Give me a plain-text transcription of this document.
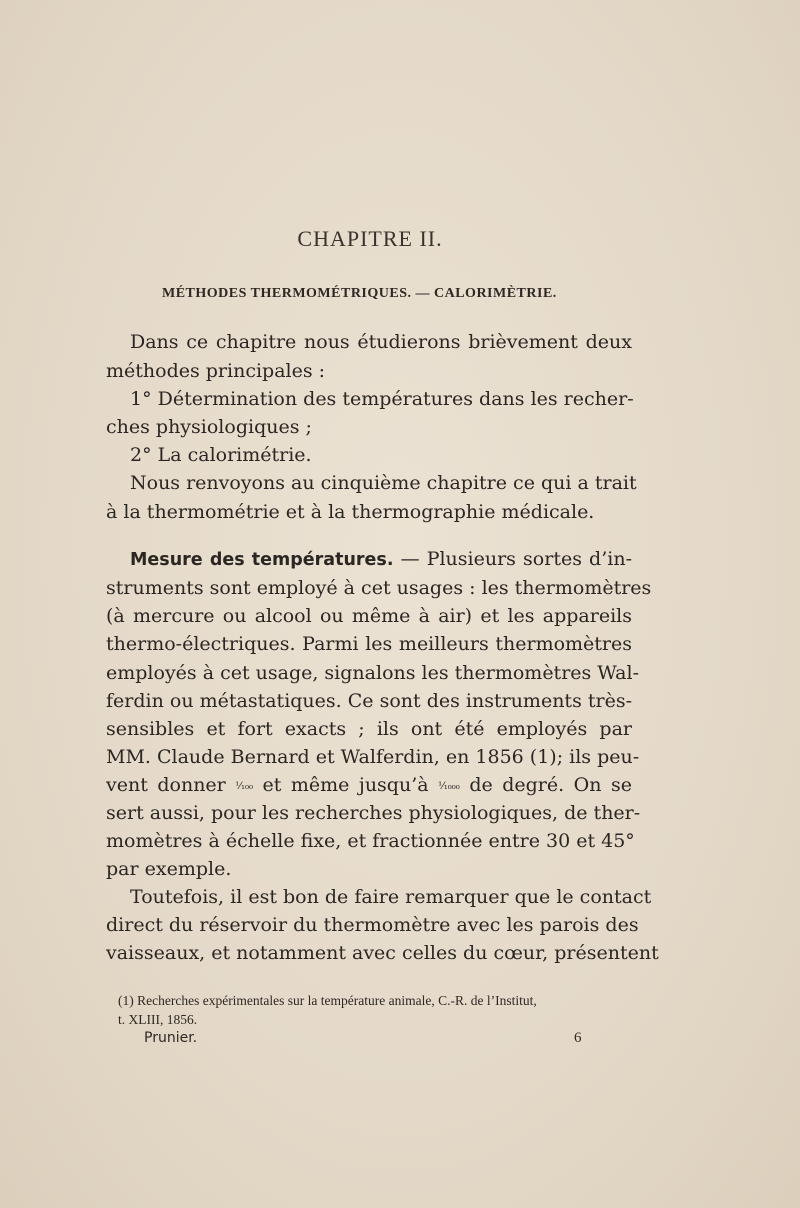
CHAPITRE II.
MÉTHODES THERMOMÉTRIQUES. — CALORIMÈTRIE.
Dans ce chapitre nous étudierons brièvement deux
méthodes principales :
1° Détermination des températures dans les recher-
ches physiologiques ;
2° La calorimétrie.
Nous renvoyons au cinquième chapitre ce qui a trait
à la thermométrie et à la thermographie médicale.
Mesure des températures. — Plusieurs sortes d’in-
struments sont employé à cet usages : les thermomètres
(à mercure ou alcool ou même à air) et les appareils
thermo-électriques. Parmi les meilleurs thermomètres
employés à cet usage, signalons les thermomètres Wal-
ferdin ou métastatiques. Ce sont des instruments très-
sensibles et fort exacts ; ils ont été employés par
MM. Claude Bernard et Walferdin, en 1856 (1); ils peu-
vent donner ¹⁄₁₀₀ et même jusqu’à ¹⁄₁₀₀₀ de degré. On se
sert aussi, pour les recherches physiologiques, de ther-
momètres à échelle fixe, et fractionnée entre 30 et 45°
par exemple.
Toutefois, il est bon de faire remarquer que le contact
direct du réservoir du thermomètre avec les parois des
vaisseaux, et notamment avec celles du cœur, présentent
(1) Recherches expérimentales sur la température animale, C.-R. de l’Institut,
t. XLIII, 1856.
Prunier.	6
